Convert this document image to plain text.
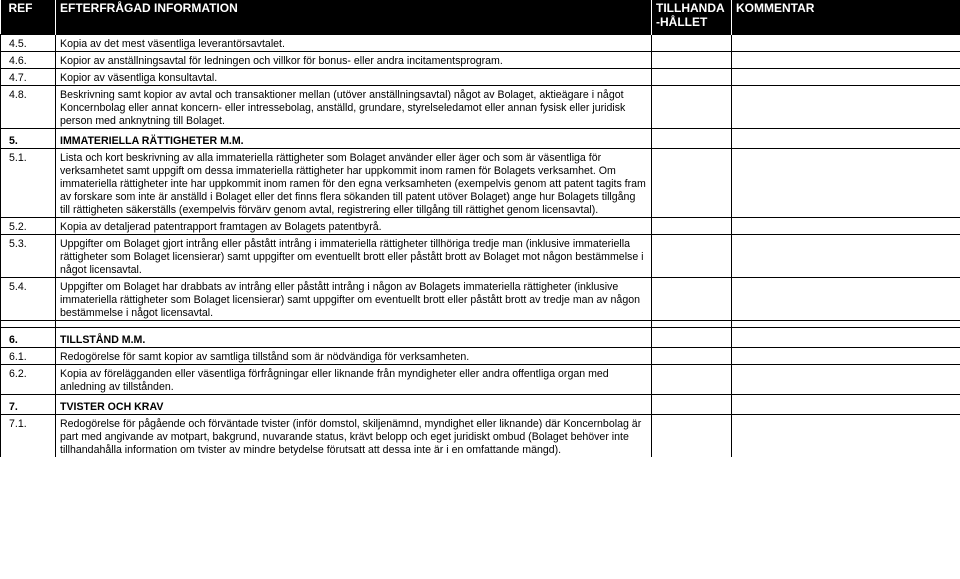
REF	EFTERFRÅGAD INFORMATION	TILLHANDA -HÅLLET	KOMMENTAR
4.5.	Kopia av det mest väsentliga leverantörsavtalet.		
4.6.	Kopior av anställningsavtal för ledningen och villkor för bonus- eller andra incitamentsprogram.		
4.7.	Kopior av väsentliga konsultavtal.		
4.8.	Beskrivning samt kopior av avtal och transaktioner mellan (utöver anställningsavtal) något av Bolaget, aktieägare i något Koncernbolag eller annat koncern- eller intressebolag, anställd, grundare, styrelseledamot eller annan fysisk eller juridisk person med anknytning till Bolaget.		
5.	IMMATERIELLA RÄTTIGHETER M.M.		
5.1.	Lista och kort beskrivning av alla immateriella rättigheter som Bolaget använder eller äger och som är väsentliga för verksamhetet samt uppgift om dessa immateriella rättigheter har uppkommit inom ramen för Bolagets verksamhet. Om immateriella rättigheter inte har uppkommit inom ramen för den egna verksamheten (exempelvis genom att patent tagits fram av forskare som inte är anställd i Bolaget eller det finns flera sökanden till patent utöver Bolaget) ange hur Bolagets tillgång till rättigheten säkerställs (exempelvis förvärv genom avtal, registrering eller tillgång till rättighet genom licensavtal).		
5.2.	Kopia av detaljerad patentrapport framtagen av Bolagets patentbyrå.		
5.3.	Uppgifter om Bolaget gjort intrång eller påstått intrång i immateriella rättigheter tillhöriga tredje man (inklusive immateriella rättigheter som Bolaget licensierar) samt uppgifter om eventuellt brott eller påstått brott av Bolaget mot någon bestämmelse i något licensavtal.		
5.4.	Uppgifter om Bolaget har drabbats av intrång eller påstått intrång i någon av Bolagets immateriella rättigheter (inklusive immateriella rättigheter som Bolaget licensierar) samt uppgifter om eventuellt brott eller påstått brott av tredje man av någon bestämmelse i något licensavtal.		

6.	TILLSTÅND M.M.		
6.1.	Redogörelse för samt kopior av samtliga tillstånd som är nödvändiga för verksamheten.		
6.2.	Kopia av förelägganden eller väsentliga förfrågningar eller liknande från myndigheter eller andra offentliga organ med anledning av tillstånden.		
7.	TVISTER OCH KRAV		
7.1.	Redogörelse för pågående och förväntade tvister (inför domstol, skiljenämnd, myndighet eller liknande) där Koncernbolag är part med angivande av motpart, bakgrund, nuvarande status, krävt belopp och eget juridiskt ombud (Bolaget behöver inte tillhandahålla information om tvister av mindre betydelse förutsatt att dessa inte är i en omfattande mängd).		
